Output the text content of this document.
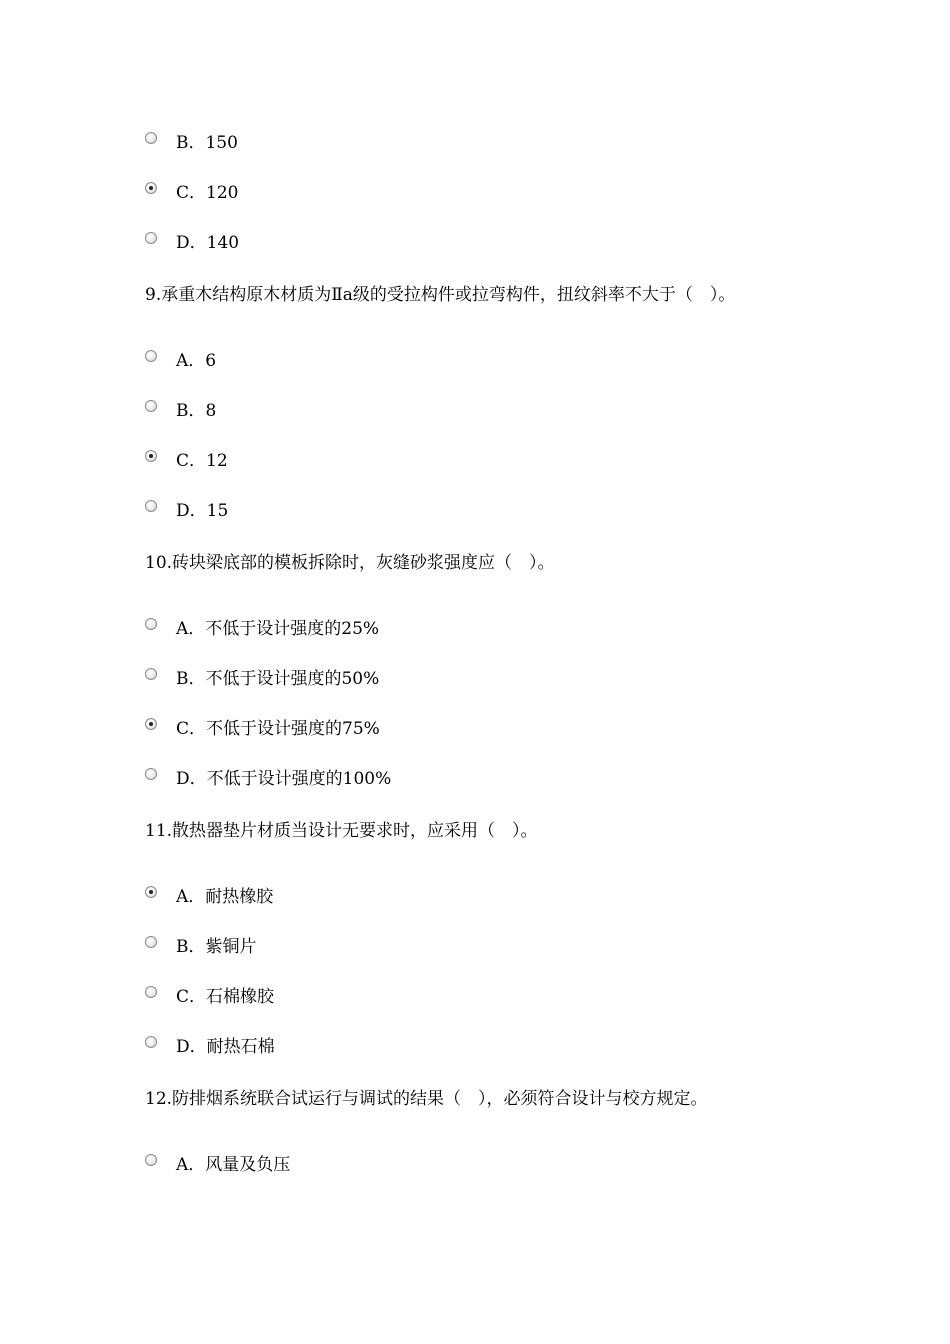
B．150
C．120
D．140
9.承重木结构原木材质为Ⅱa级的受拉构件或拉弯构件，扭纹斜率不大于（　）。
A．6
B．8
C．12
D．15
10.砖块梁底部的模板拆除时，灰缝砂浆强度应（　）。
A．不低于设计强度的25%
B．不低于设计强度的50%
C．不低于设计强度的75%
D．不低于设计强度的100%
11.散热器垫片材质当设计无要求时，应采用（　）。
A．耐热橡胶
B．紫铜片
C．石棉橡胶
D．耐热石棉
12.防排烟系统联合试运行与调试的结果（　），必须符合设计与校方规定。
A．风量及负压
